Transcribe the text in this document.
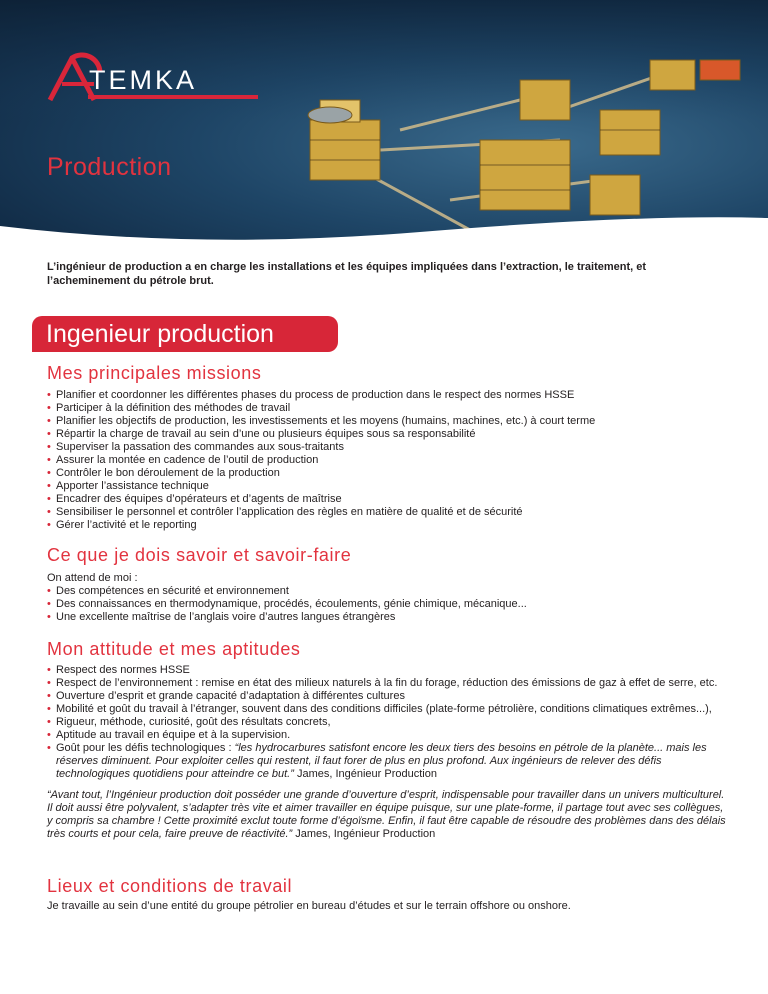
TEMKA
Production
L’ingénieur de production a en charge les installations et les équipes impliquées dans l’extraction, le traitement, et l’acheminement du pétrole brut.
Ingenieur production
Mes principales missions
• Planifier et coordonner les différentes phases du process de production dans le respect des normes HSSE
• Participer à la définition des méthodes de travail
• Planifier les objectifs de production, les investissements et les moyens (humains, machines, etc.) à court terme
• Répartir la charge de travail au sein d’une ou plusieurs équipes sous sa responsabilité
• Superviser la passation des commandes aux sous-traitants
• Assurer la montée en cadence de l’outil de production
• Contrôler le bon déroulement de la production
• Apporter l’assistance technique
• Encadrer des équipes d’opérateurs et d’agents de maîtrise
• Sensibiliser le personnel et contrôler l’application des règles en matière de qualité et de sécurité
• Gérer l’activité et le reporting
Ce que je dois savoir et savoir-faire
On attend de moi :
• Des compétences en sécurité et environnement
• Des connaissances en thermodynamique, procédés, écoulements, génie chimique, mécanique...
• Une excellente maîtrise de l’anglais voire d’autres langues étrangères
Mon attitude et mes aptitudes
• Respect des normes HSSE
• Respect de l’environnement : remise en état des milieux naturels à la fin du forage, réduction des émissions de gaz à effet de serre, etc.
• Ouverture d’esprit et grande capacité d’adaptation à différentes cultures
• Mobilité et goût du travail à l’étranger, souvent dans des conditions difficiles (plate-forme pétrolière, conditions climatiques extrêmes...),
• Rigueur, méthode, curiosité, goût des résultats concrets,
• Aptitude au travail en équipe et à la supervision.
• Goût pour les défis technologiques : “les hydrocarbures satisfont encore les deux tiers des besoins en pétrole de la planète... mais les réserves diminuent. Pour exploiter celles qui restent, il faut forer de plus en plus profond. Aux ingénieurs de relever des défis technologiques quotidiens pour atteindre ce but.” James, Ingénieur Production
“Avant tout, l’Ingénieur production doit posséder une grande d’ouverture d’esprit, indispensable pour travailler dans un univers multiculturel. Il doit aussi être polyvalent, s’adapter très vite et aimer travailler en équipe puisque, sur une plate-forme, il partage tout avec ses collègues, y compris sa chambre ! Cette proximité exclut toute forme d’égoïsme. Enfin, il faut être capable de résoudre des problèmes dans des délais très courts et pour cela, faire preuve de réactivité.” James, Ingénieur Production
Lieux et conditions de travail
Je travaille au sein d’une entité du groupe pétrolier en bureau d’études et sur le terrain offshore ou onshore.
